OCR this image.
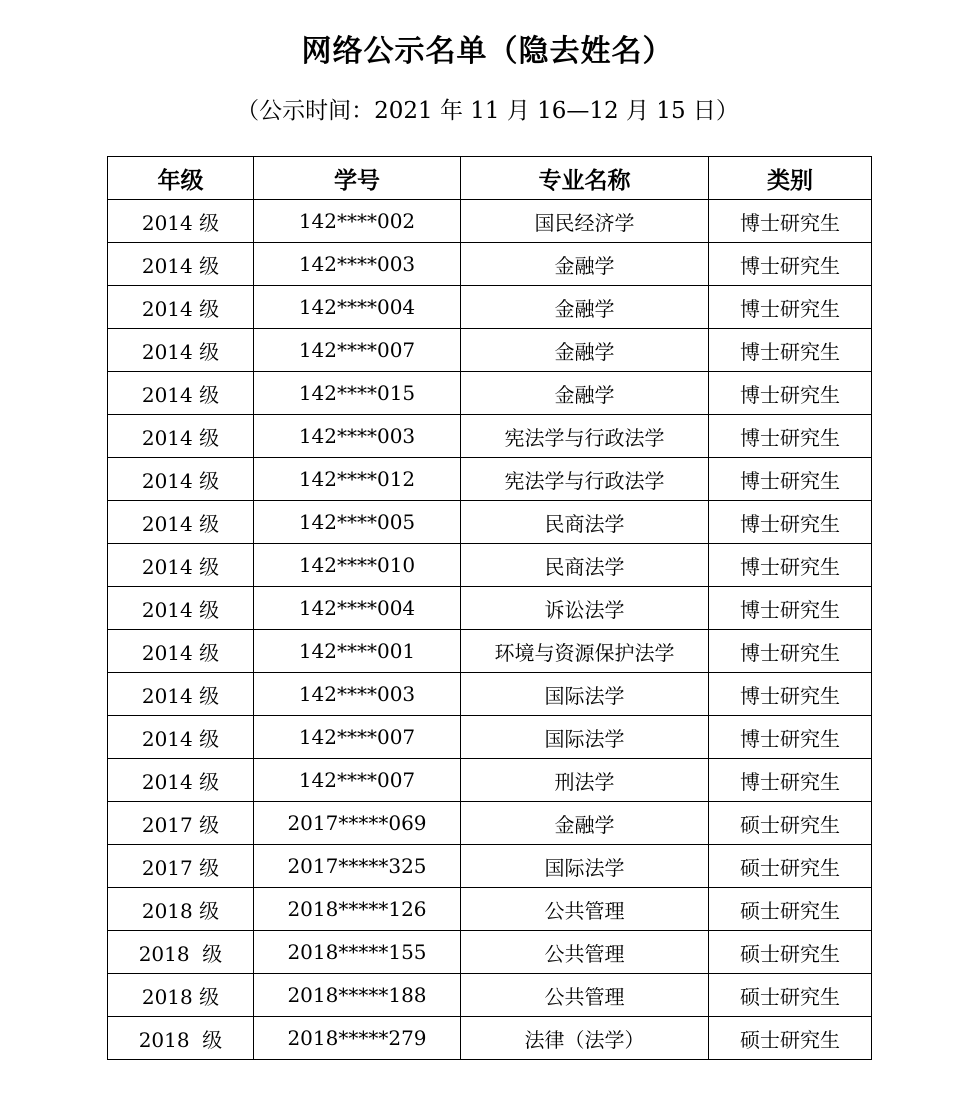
网络公示名单（隐去姓名）
（公示时间：2021 年 11 月 16—12 月 15 日）
年级	学号	专业名称	类别
2014 级	142****002	国民经济学	博士研究生
2014 级	142****003	金融学	博士研究生
2014 级	142****004	金融学	博士研究生
2014 级	142****007	金融学	博士研究生
2014 级	142****015	金融学	博士研究生
2014 级	142****003	宪法学与行政法学	博士研究生
2014 级	142****012	宪法学与行政法学	博士研究生
2014 级	142****005	民商法学	博士研究生
2014 级	142****010	民商法学	博士研究生
2014 级	142****004	诉讼法学	博士研究生
2014 级	142****001	环境与资源保护法学	博士研究生
2014 级	142****003	国际法学	博士研究生
2014 级	142****007	国际法学	博士研究生
2014 级	142****007	刑法学	博士研究生
2017 级	2017*****069	金融学	硕士研究生
2017 级	2017*****325	国际法学	硕士研究生
2018 级	2018*****126	公共管理	硕士研究生
2018  级	2018*****155	公共管理	硕士研究生
2018 级	2018*****188	公共管理	硕士研究生
2018  级	2018*****279	法律（法学）	硕士研究生
